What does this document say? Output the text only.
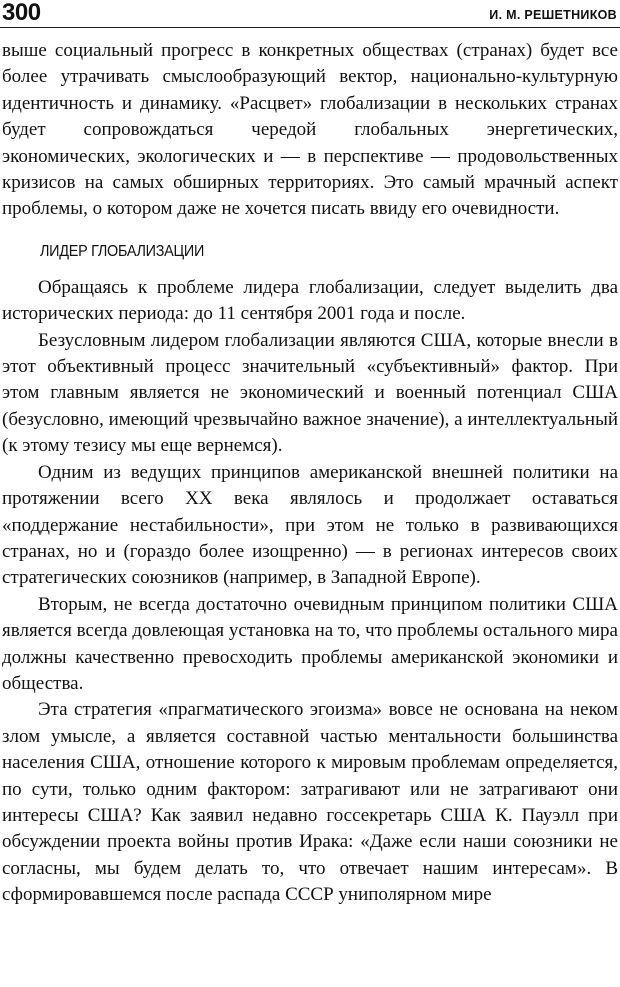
300	И. М. РЕШЕТНИКОВ

выше социальный прогресс в конкретных обществах (странах) будет все более утрачивать смыслообразующий вектор, национально-культурную идентичность и динамику. «Расцвет» глобализации в нескольких странах будет сопровождаться чередой глобальных энергетических, экономических, экологических и — в перспективе — продовольственных кризисов на самых обширных территориях. Это самый мрачный аспект проблемы, о котором даже не хочется писать ввиду его очевидности.

ЛИДЕР ГЛОБАЛИЗАЦИИ

Обращаясь к проблеме лидера глобализации, следует выделить два исторических периода: до 11 сентября 2001 года и после.

Безусловным лидером глобализации являются США, которые внесли в этот объективный процесс значительный «субъективный» фактор. При этом главным является не экономический и военный потенциал США (безусловно, имеющий чрезвычайно важное значение), а интеллектуальный (к этому тезису мы еще вернемся).

Одним из ведущих принципов американской внешней политики на протяжении всего XX века являлось и продолжает оставаться «поддержание нестабильности», при этом не только в развивающихся странах, но и (гораздо более изощренно) — в регионах интересов своих стратегических союзников (например, в Западной Европе).

Вторым, не всегда достаточно очевидным принципом политики США является всегда довлеющая установка на то, что проблемы остального мира должны качественно превосходить проблемы американской экономики и общества.

Эта стратегия «прагматического эгоизма» вовсе не основана на неком злом умысле, а является составной частью ментальности большинства населения США, отношение которого к мировым проблемам определяется, по сути, только одним фактором: затрагивают или не затрагивают они интересы США? Как заявил недавно госсекретарь США К. Пауэлл при обсуждении проекта войны против Ирака: «Даже если наши союзники не согласны, мы будем делать то, что отвечает нашим интересам». В сформировавшемся после распада СССР униполярном мире
